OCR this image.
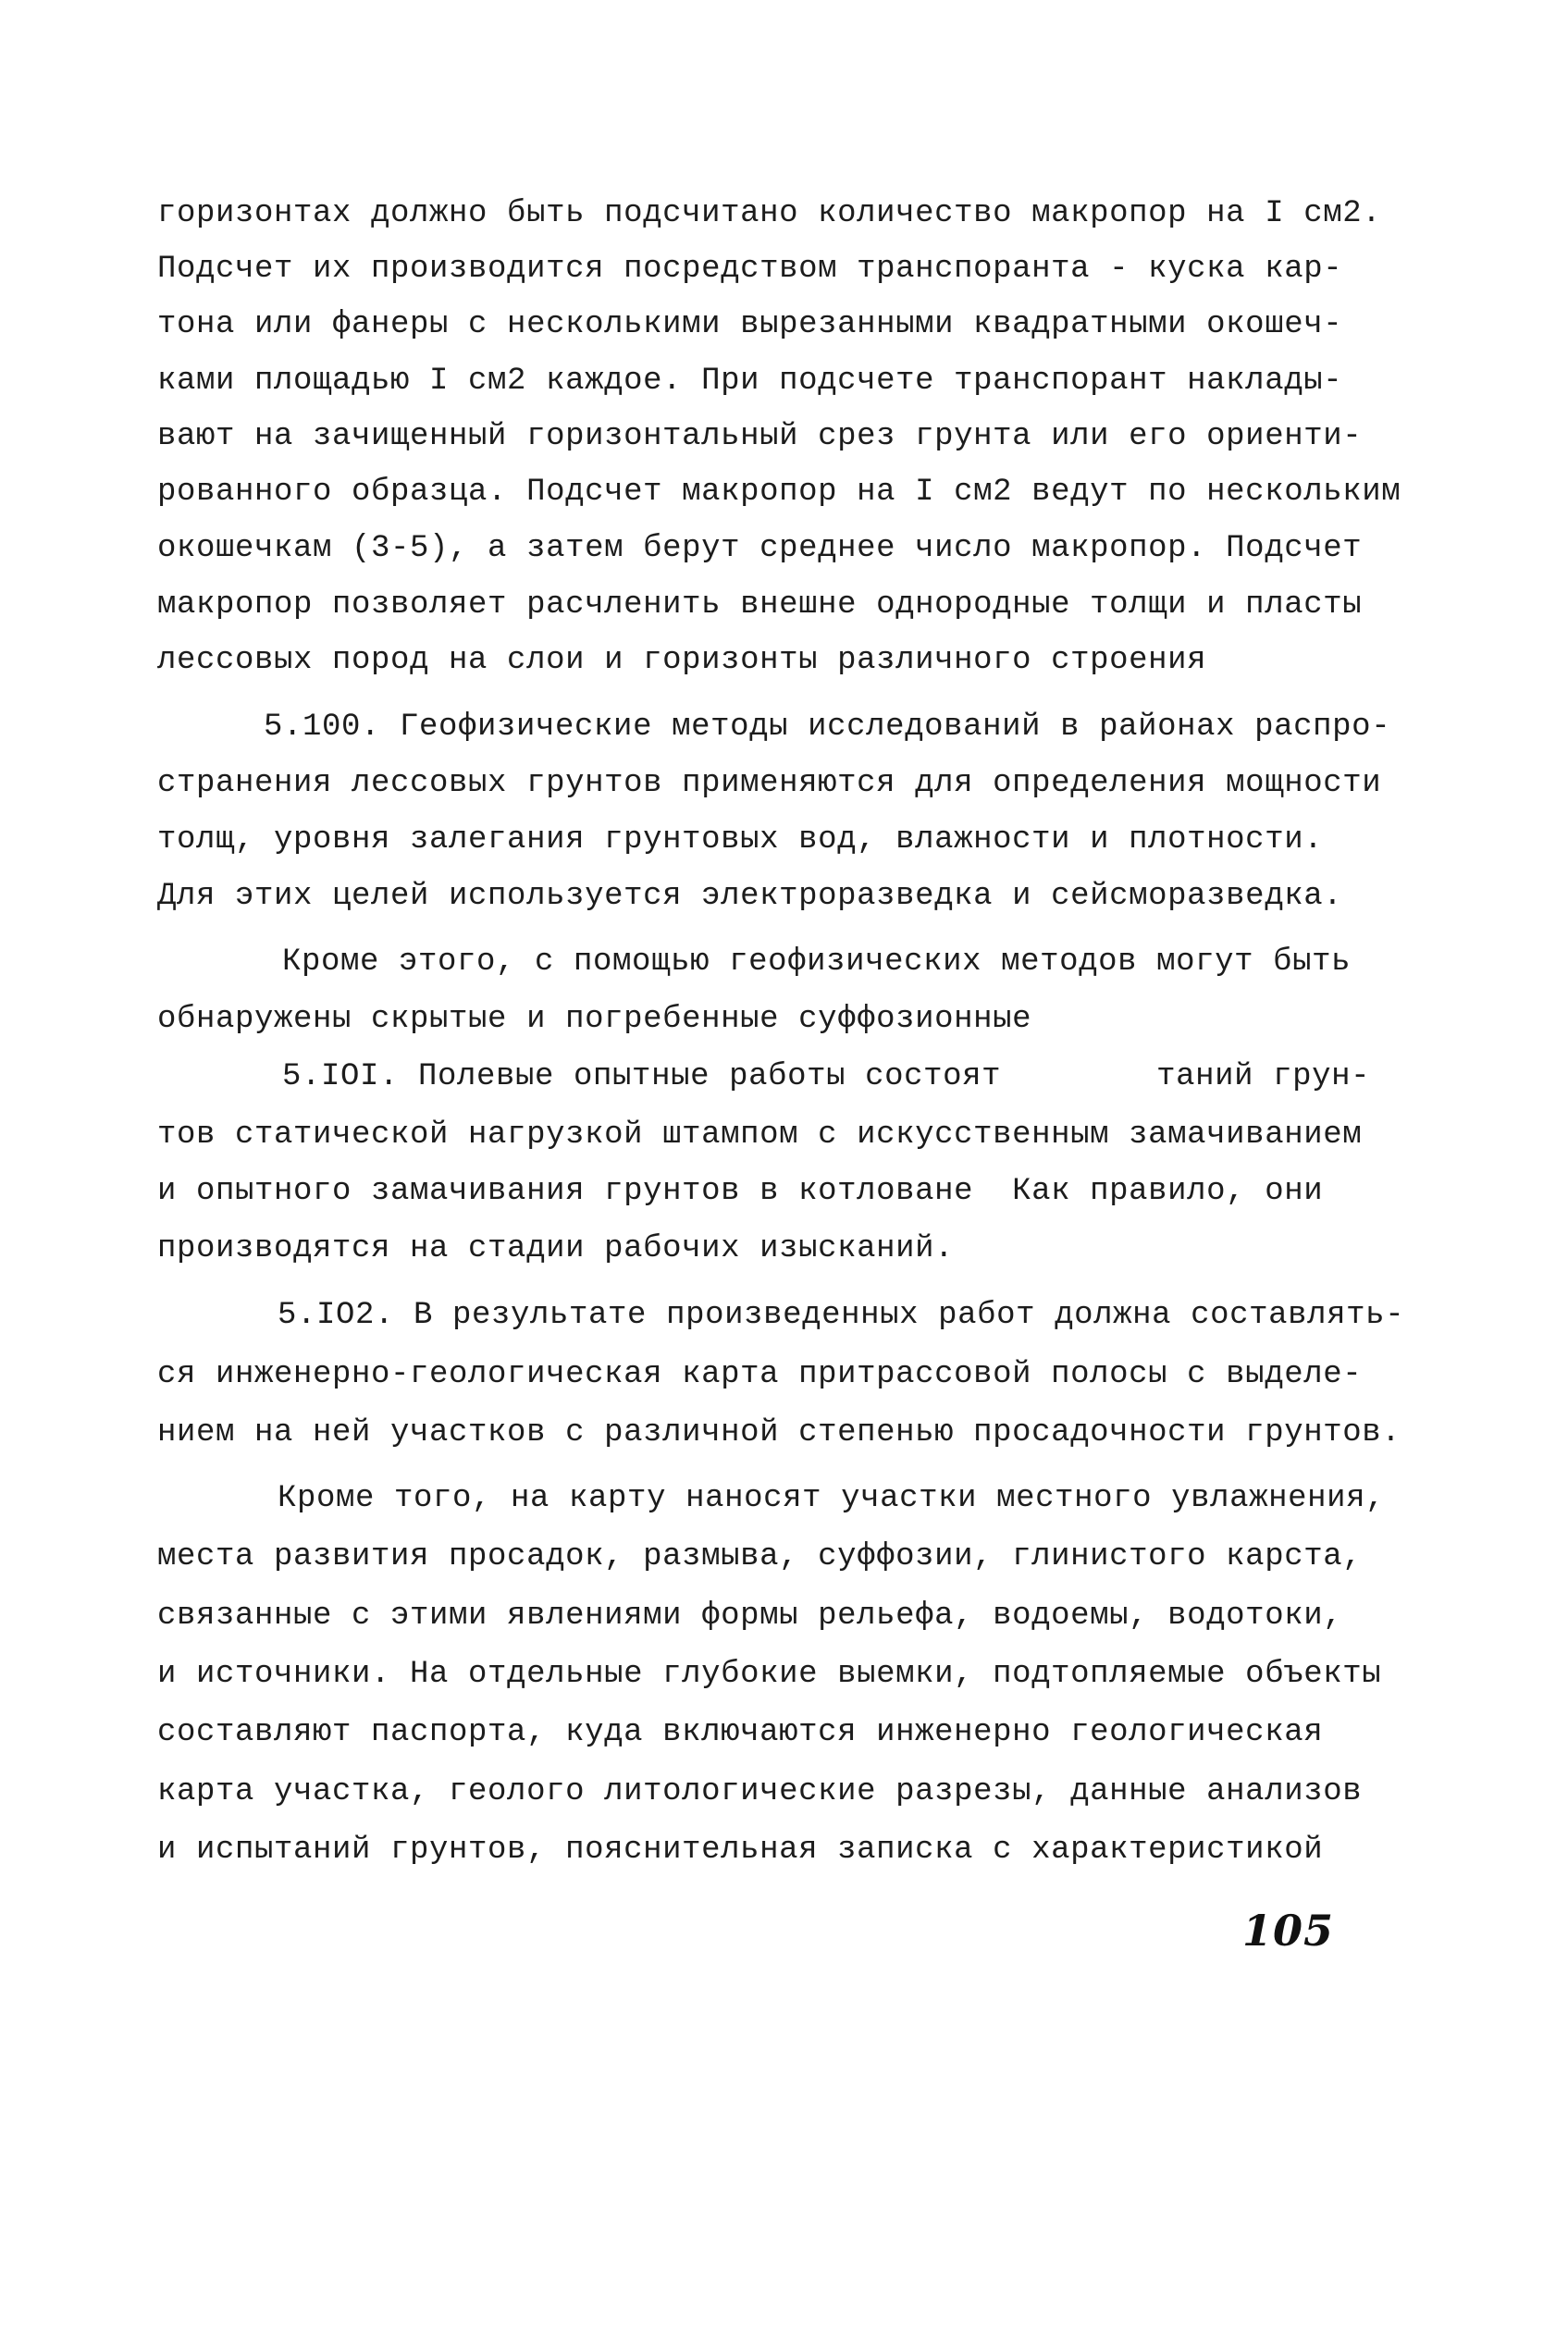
горизонтах должно быть подсчитано количество макропор на I см2.
Подсчет их производится посредством транспоранта - куска кар-
тона или фанеры с несколькими вырезанными квадратными окошеч-
ками площадью I см2 каждое. При подсчете транспорант наклады-
вают на зачищенный горизонтальный срез грунта или его ориенти-
рованного образца. Подсчет макропор на I см2 ведут по нескольким
окошечкам (3-5), а затем берут среднее число макропор. Подсчет
макропор позволяет расчленить внешне однородные толщи и пласты
лессовых пород на слои и горизонты различного строения
5.100. Геофизические методы исследований в районах распро-
странения лессовых грунтов применяются для определения мощности
толщ, уровня залегания грунтовых вод, влажности и плотности.
Для этих целей используется электроразведка и сейсморазведка.
Кроме этого, с помощью геофизических методов могут быть
обнаружены скрытые и погребенные суффозионные
5.IOI. Полевые опытные работы состоят        таний грун-
тов статической нагрузкой штампом с искусственным замачиванием
и опытного замачивания грунтов в котловане  Как правило, они
производятся на стадии рабочих изысканий.
5.IO2. В результате произведенных работ должна составлять-
ся инженерно-геологическая карта притрассовой полосы с выделе-
нием на ней участков с различной степенью просадочности грунтов.
Кроме того, на карту наносят участки местного увлажнения,
места развития просадок, размыва, суффозии, глинистого карста,
связанные с этими явлениями формы рельефа, водоемы, водотоки,
и источники. На отдельные глубокие выемки, подтопляемые объекты
составляют паспорта, куда включаются инженерно геологическая
карта участка, геолого литологические разрезы, данные анализов
и испытаний грунтов, пояснительная записка с характеристикой
105
